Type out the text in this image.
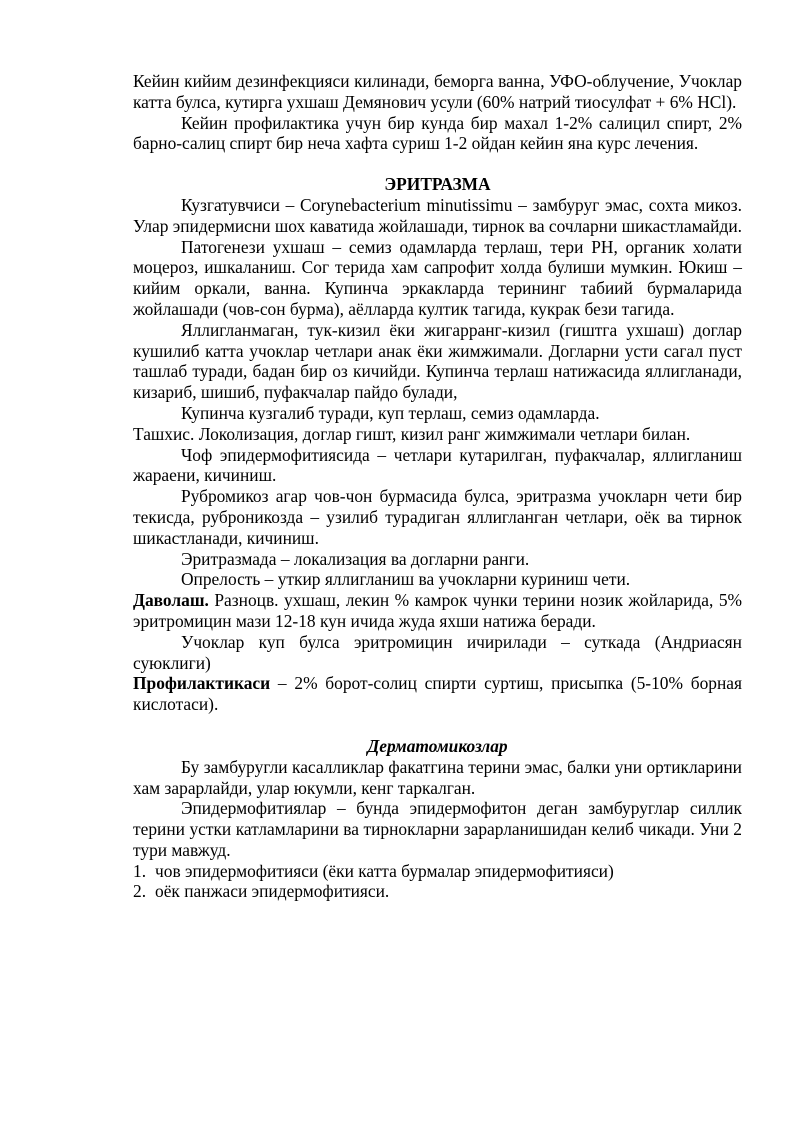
Кейин кийим дезинфекцияси килинади, беморга ванна, УФО-облучение, Учоклар катта булса, кутирга ухшаш Демянович усули (60% натрий тиосулфат + 6% HCl).

Кейин профилактика учун бир кунда бир махал 1-2% салицил спирт, 2% барно-салиц спирт бир неча хафта суриш 1-2 ойдан кейин яна курс лечения.

ЭРИТРАЗМА

Кузгатувчиси – Corynebacterium minutissimu – замбуруг эмас, сохта микоз. Улар эпидермисни шох каватида жойлашади, тирнок ва сочларни шикастламайди.

Патогенези ухшаш – семиз одамларда терлаш, тери РН, органик холати моцероз, ишкаланиш. Сог терида хам сапрофит холда булиши мумкин. Юкиш – кийим оркали, ванна. Купинча эркакларда терининг табиий бурмаларида жойлашади (чов-сон бурма), аёлларда култик тагида, кукрак бези тагида.

Яллигланмаган, тук-кизил ёки жигарранг-кизил (гиштга ухшаш) доглар кушилиб катта учоклар четлари анак ёки жимжимали. Догларни усти сагал пуст ташлаб туради, бадан бир оз кичийди. Купинча терлаш натижасида яллигланади, кизариб, шишиб, пуфакчалар пайдо булади,

Купинча кузгалиб туради, куп терлаш, семиз одамларда.

Ташхис. Локолизация, доглар гишт, кизил ранг жимжимали четлари билан.

Чоф эпидермофитиясида – четлари кутарилган, пуфакчалар, яллигланиш жараени, кичиниш.

Рубромикоз агар чов-чон бурмасида булса, эритразма учокларн чети бир текисда, руброникозда – узилиб турадиган яллигланган четлари, оёк ва тирнок шикастланади, кичиниш.

Эритразмада – локализация ва догларни ранги.

Опрелость – уткир яллигланиш ва учокларни куриниш чети.

Даволаш. Разноцв. ухшаш, лекин % камрок чунки терини нозик жойларида, 5% эритромицин мази 12-18 кун ичида жуда яхши натижа беради.

Учоклар куп булса эритромицин ичирилади – суткада (Андриасян суюклиги)

Профилактикаси – 2% борот-солиц спирти суртиш, присыпка (5-10% борная кислотаси).

Дерматомикозлар

Бу замбуругли касалликлар факатгина терини эмас, балки уни ортикларини хам зарарлайди, улар юкумли, кенг таркалган.

Эпидермофитиялар – бунда эпидермофитон деган замбуруглар силлик терини устки катламларини ва тирнокларни зарарланишидан келиб чикади. Уни 2 тури мавжуд.

1. чов эпидермофитияси (ёки катта бурмалар эпидермофитияси)
2. оёк панжаси эпидермофитияси.
